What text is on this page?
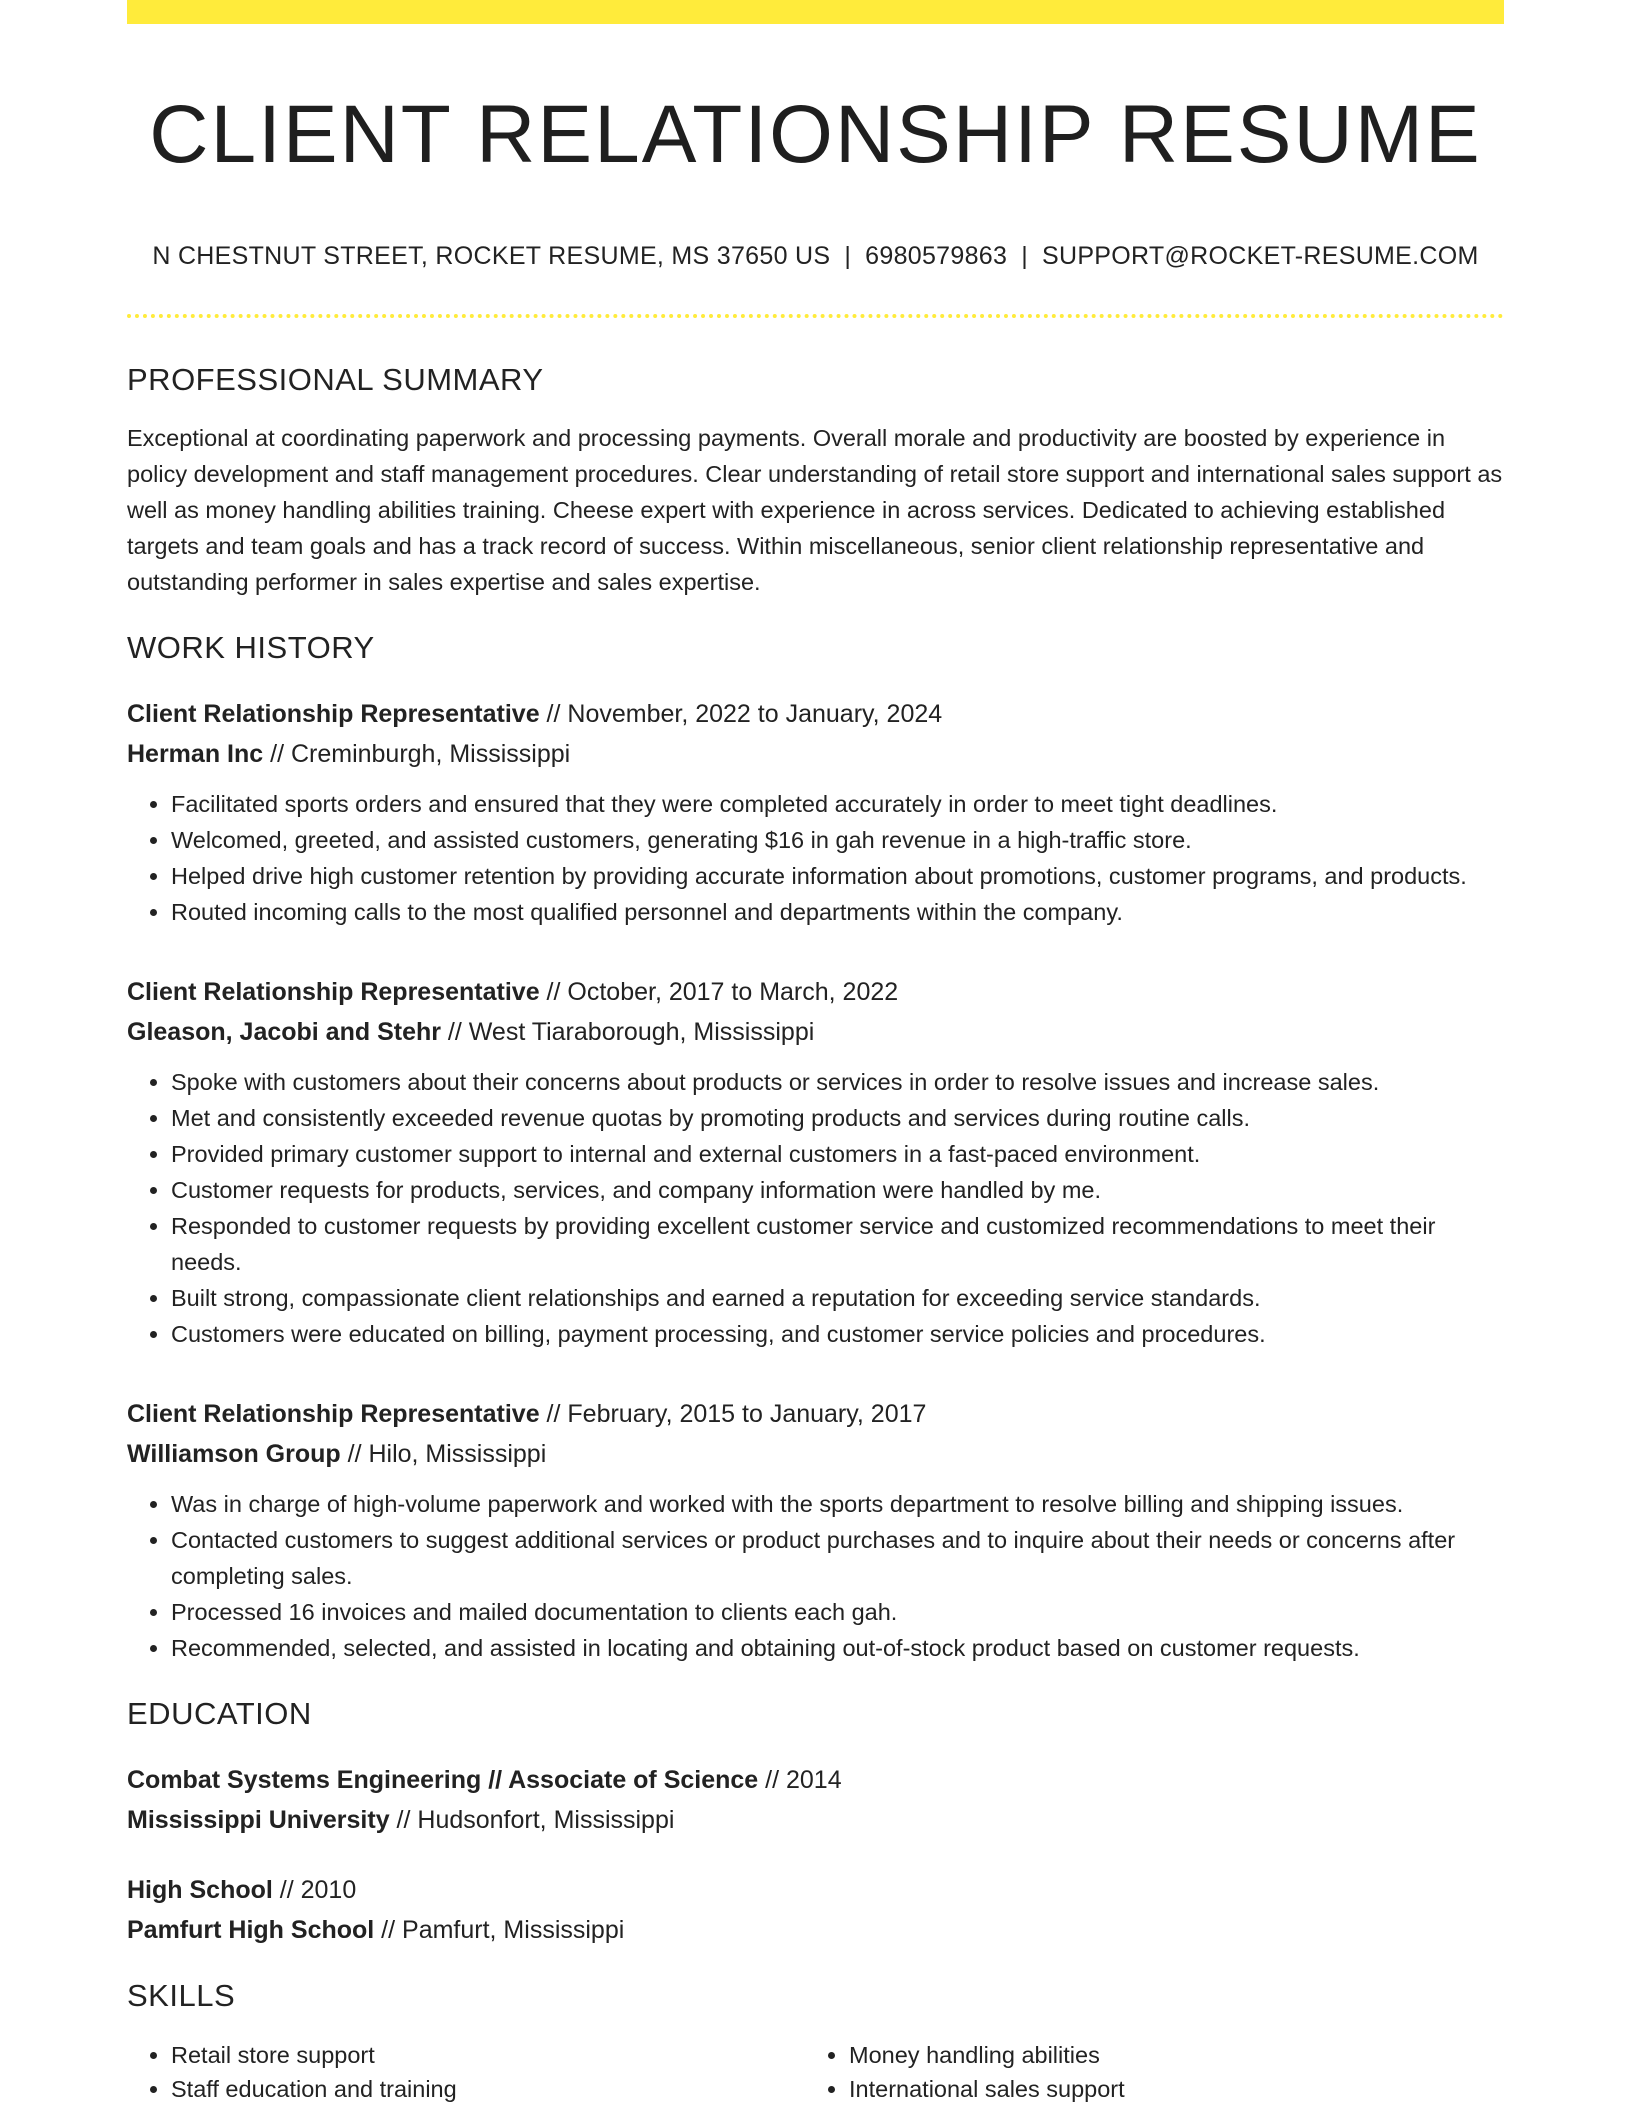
CLIENT RELATIONSHIP RESUME
N CHESTNUT STREET, ROCKET RESUME, MS 37650 US | 6980579863 | SUPPORT@ROCKET-RESUME.COM
PROFESSIONAL SUMMARY
Exceptional at coordinating paperwork and processing payments. Overall morale and productivity are boosted by experience in policy development and staff management procedures. Clear understanding of retail store support and international sales support as well as money handling abilities training. Cheese expert with experience in across services. Dedicated to achieving established targets and team goals and has a track record of success. Within miscellaneous, senior client relationship representative and outstanding performer in sales expertise and sales expertise.
WORK HISTORY
Client Relationship Representative // November, 2022 to January, 2024
Herman Inc // Creminburgh, Mississippi
• Facilitated sports orders and ensured that they were completed accurately in order to meet tight deadlines.
• Welcomed, greeted, and assisted customers, generating $16 in gah revenue in a high-traffic store.
• Helped drive high customer retention by providing accurate information about promotions, customer programs, and products.
• Routed incoming calls to the most qualified personnel and departments within the company.
Client Relationship Representative // October, 2017 to March, 2022
Gleason, Jacobi and Stehr // West Tiaraborough, Mississippi
• Spoke with customers about their concerns about products or services in order to resolve issues and increase sales.
• Met and consistently exceeded revenue quotas by promoting products and services during routine calls.
• Provided primary customer support to internal and external customers in a fast-paced environment.
• Customer requests for products, services, and company information were handled by me.
• Responded to customer requests by providing excellent customer service and customized recommendations to meet their needs.
• Built strong, compassionate client relationships and earned a reputation for exceeding service standards.
• Customers were educated on billing, payment processing, and customer service policies and procedures.
Client Relationship Representative // February, 2015 to January, 2017
Williamson Group // Hilo, Mississippi
• Was in charge of high-volume paperwork and worked with the sports department to resolve billing and shipping issues.
• Contacted customers to suggest additional services or product purchases and to inquire about their needs or concerns after completing sales.
• Processed 16 invoices and mailed documentation to clients each gah.
• Recommended, selected, and assisted in locating and obtaining out-of-stock product based on customer requests.
EDUCATION
Combat Systems Engineering // Associate of Science // 2014
Mississippi University // Hudsonfort, Mississippi
High School // 2010
Pamfurt High School // Pamfurt, Mississippi
SKILLS
• Retail store support
• Staff education and training
• Money handling abilities
• International sales support
